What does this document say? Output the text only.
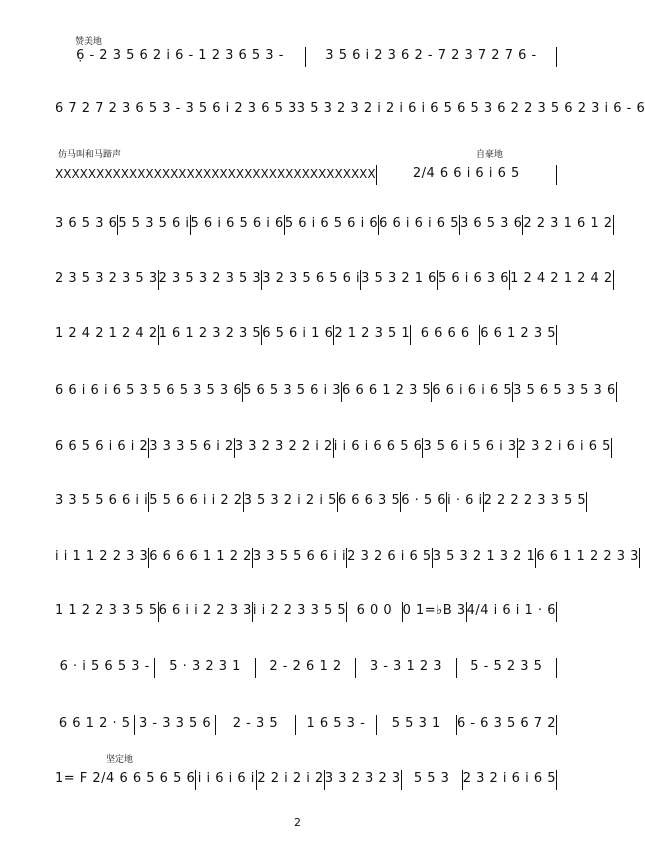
赞美地
仿马叫和马蹄声	自豪地
坚定地
6̣ - 2 3 5 6 2 i 6 - 1 2 3 6 5 3 -	3 5 6 i 2 3 6 2 - 7 2 3 7 2 7 6 -
6 7 2 7 2 3 6 5 3 - 3 5 6 i 2 3 6 5 3 3 5 3 2 3 2 i 2 i 6 i 6 5 6 5 3 6 2 2 3 5 6 2 3 i 6 - 6
XXXXXXXXXXXXXXXXXXXXXXXXXXXXXXXXXXXXXXX	2/4 6 6 i 6 i 6 5
3 6 5 3 6 5 5 3 5 6 i 5 6 i 6 5 6 i 6 5 6 i 6 5 6 i 6 6 6 i 6 i 6 5 3 6 5 3 6 2 2 3 1 6 1 2
2 3 5 3 2 3 5 3 2 3 5 3 2 3 5 3 3 2 3 5 6 5 6 i 3 5 3 2 1 6 5 6 i 6 3 6 1 2 4 2 1 2 4 2
1 2 4 2 1 2 4 2 1 6 1 2 3 2 3 5 6 5 6 i 1 6 2 1 2 3 5 1 6 6 6 6 6 6 1 2 3 5
6 6 i 6 i 6 5 3 5 6 5 3 5 3 6 5 6 5 3 5 6 i 3 6 6 6 1 2 3 5 6 6 i 6 i 6 5 3 5 6 5 3 5 3 6
6 6 5 6 i 6 i 2 3 3 3 5 6 i 2 3 3 2 3 2 2 i 2 i i 6 i 6 6 5 6 3 5 6 i 5 6 i 3 2 3 2 i 6 i 6 5
3 3 5 5 6 6 i i 5 5 6 6 i i 2 2 3 5 3 2 i 2 i 5 6 6 6 3 5 6 · 5 6 i · 6 i 2 2 2 2 3 3 5 5
i i 1 1 2 2 3 3 6 6 6 6 1 1 2 2 3 3 5 5 6 6 i i 2 3 2 6 i 6 5 3 5 3 2 1 3 2 1 6 6 1 1 2 2 3 3
1 1 2 2 3 3 5 5 6 6 i i 2 2 3 3 i i 2 2 3 3 5 5 6 0 0 0 1=♭B 3 4/4 i 6 i 1 · 6
6 · i 5 6 5 3 -	5 · 3 2 3 1	2 - 2 6 1 2	3 - 3 1 2 3	5 - 5 2 3 5
6 6 1 2 · 5 3 - 3 3 5 6	2 - 3 5	1 6 5 3 -	5 5 3 1	6 - 6 3 5 6 7 2
1= F 2/4 6 6 5 6 5 6 i i 6 i 6 i 2 2 i 2 i 2 3 3 2 3 2 3	5 5 3	2 3 2 i 6 i 6 5
2
